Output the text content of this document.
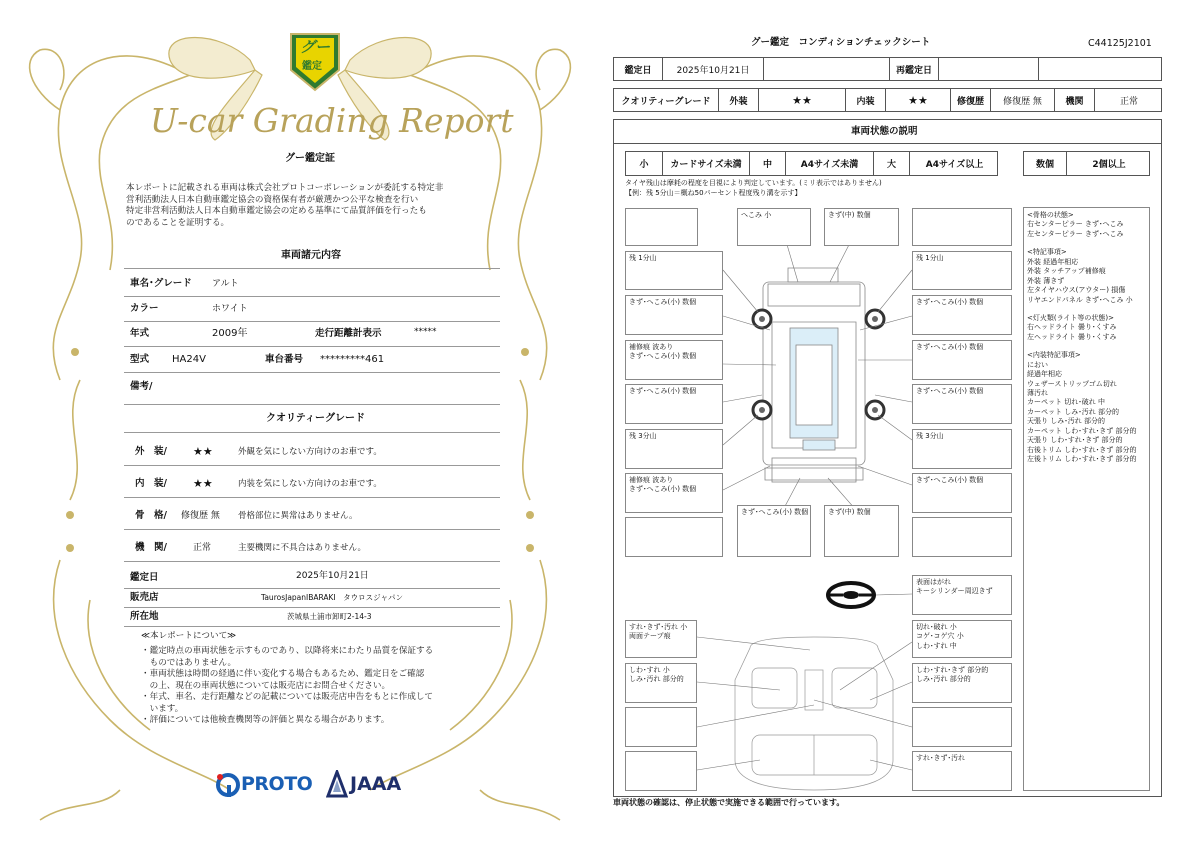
グー
鑑定
U-car Grading Report
グー鑑定証
本レポートに記載される車両は株式会社プロトコーポレーションが委託する特定非
営利活動法人日本自動車鑑定協会の資格保有者が厳選かつ公平な検査を行い
特定非営利活動法人日本自動車鑑定協会の定める基準にて品質評価を行ったも
のであることを証明する。
車両諸元内容
車名･グレード アルト
カラー	ホワイト
年式	2009年	走行距離計表示	*****
型式 HA24V	車台番号 *********461
備考/
クオリティーグレード
外　装/ ★★	外観を気にしない方向けのお車です。
内　装/ ★★	内装を気にしない方向けのお車です。
骨　格/ 修復歴 無 骨格部位に異常はありません。
機　関/	正常	主要機関に不具合はありません。
鑑定日	2025年10月21日
販売店	TaurosJapanIBARAKI　タウロスジャパン
所在地	茨城県土浦市卸町2-14-3
≪本レポートについて≫
・鑑定時点の車両状態を示すものであり、以降将来にわたり品質を保証する
　ものではありません。
・車両状態は時間の経過に伴い変化する場合もあるため、鑑定日をご確認
　の上、現在の車両状態については販売店にお問合せください。
・年式、車名、走行距離などの記載については販売店申告をもとに作成して
　います。
・評価については他検査機関等の評価と異なる場合があります。
PROTO JAAA
グー鑑定　コンディションチェックシート	C44125J2101
鑑定日	2025年10月21日	再鑑定日
クオリティーグレード	外装	★★	内装	★★	修復歴	修復歴 無	機関	正常
車両状態の説明
小	カードサイズ未満	中	A4サイズ未満	大	A4サイズ以上	数個	2個以上
タイヤ残山は摩耗の程度を目視により判定しています。(ミリ表示ではありません)
【例：残 5分山＝概ね50パーセント程度残り溝を示す】
へこみ 小	きず(中) 数個
残 1分山	残 1分山
きず･へこみ(小) 数個	きず･へこみ(小) 数個
補修痕 波あり
きず･へこみ(小) 数個
きず･へこみ(小) 数個
きず･へこみ(小) 数個	きず･へこみ(小) 数個
残 3分山	残 3分山
補修痕 波あり
きず･へこみ(小) 数個
きず･へこみ(小) 数個
きず･へこみ(小) 数個	きず(中) 数個
表面はがれ
キーシリンダー周辺きず
すれ･きず･汚れ 小
両面テープ痕
切れ･破れ 小
コゲ･コゲ穴 小
しわ･すれ 中
しわ･すれ 小
しみ･汚れ 部分的
しわ･すれ･きず 部分的
しみ･汚れ 部分的
すれ･きず･汚れ
<骨格の状態>
右センターピラー きず･へこみ
左センターピラー きず･へこみ
<特記事項>
外装 経過年相応
外装 タッチアップ補修痕
外装 薄きず
左タイヤハウス(アウター) 損傷
リヤエンドパネル きず･へこみ 小
<灯火類(ライト等の状態)>
右ヘッドライト 曇り･くすみ
左ヘッドライト 曇り･くすみ
<内装特記事項>
におい
経過年相応
ウェザーストリップゴム切れ
薄汚れ
カーペット 切れ･破れ 中
カーペット しみ･汚れ 部分的
天張り しみ･汚れ 部分的
カーペット しわ･すれ･きず 部分的
天張り しわ･すれ･きず 部分的
右後トリム しわ･すれ･きず 部分的
左後トリム しわ･すれ･きず 部分的
車両状態の確認は、停止状態で実施できる範囲で行っています。
